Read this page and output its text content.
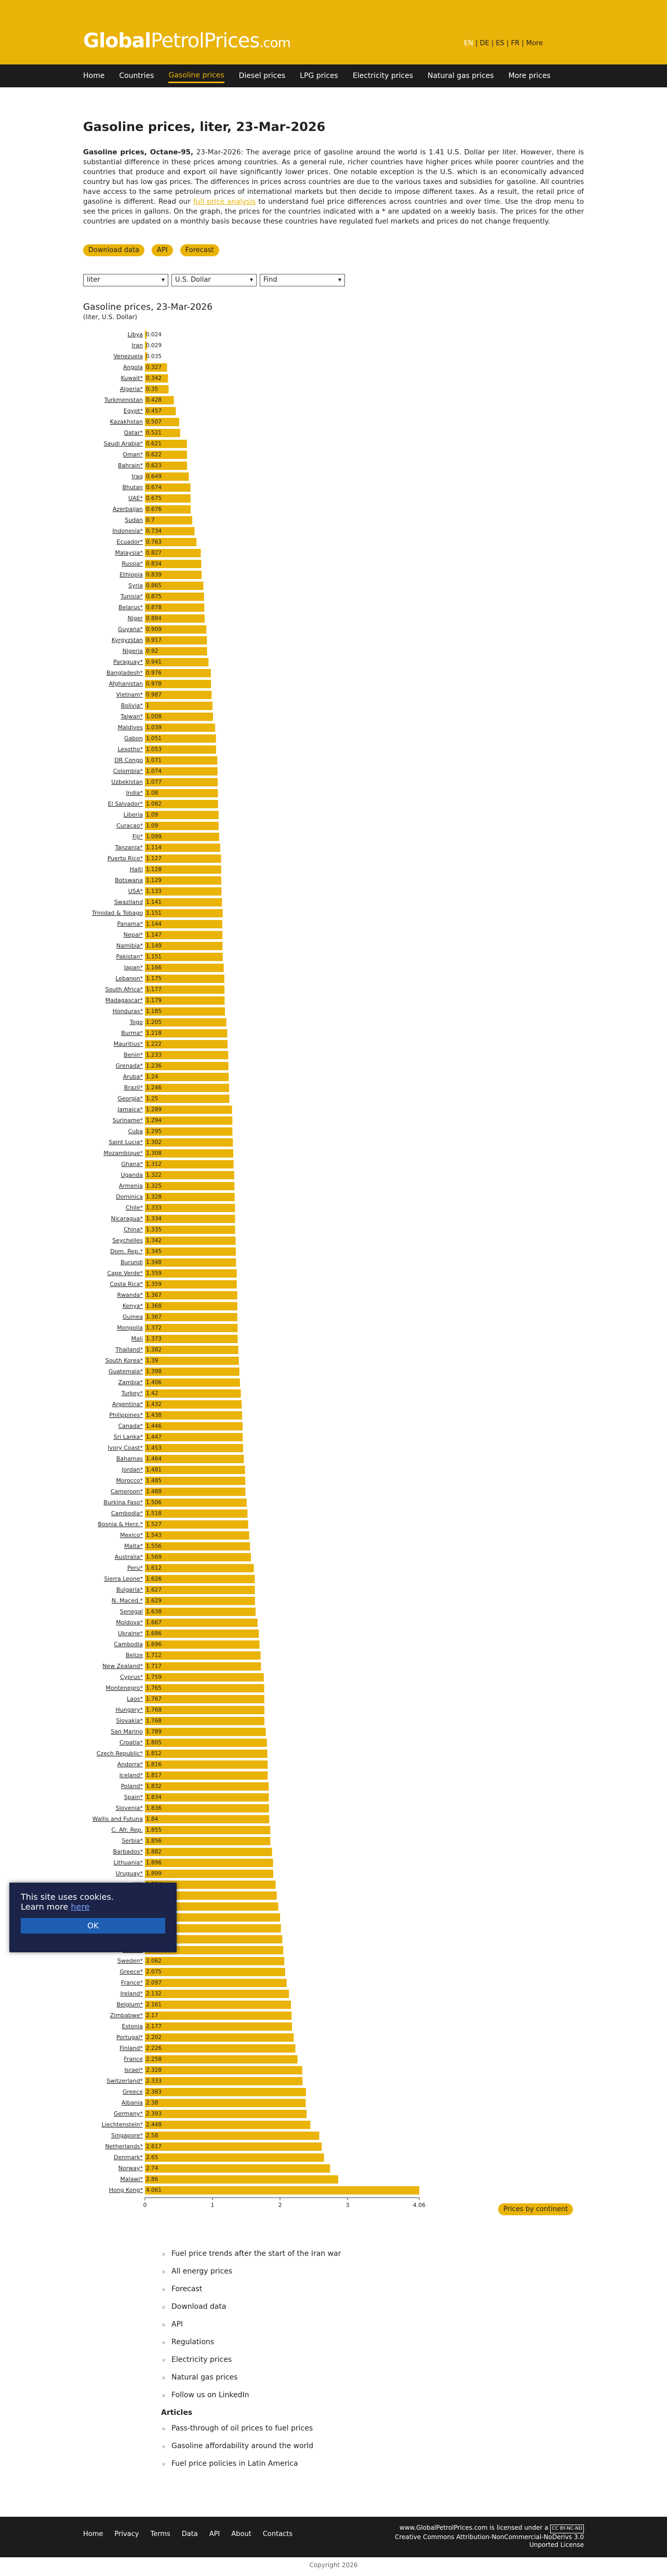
GlobalPetrolPrices.com	EN | DE | ES | FR | More
Home Countries Gasoline prices Diesel prices LPG prices Electricity prices Natural gas prices More prices
Gasoline prices, liter, 23-Mar-2026

Gasoline prices, Octane-95, 23-Mar-2026: The average price of gasoline around the world is 1.41 U.S. Dollar per liter. However, there is substantial difference in these prices among countries. As a general rule, richer countries have higher prices while poorer countries and the countries that produce and export oil have significantly lower prices. One notable exception is the U.S. which is an economically advanced country but has low gas prices. The differences in prices across countries are due to the various taxes and subsidies for gasoline. All countries have access to the same petroleum prices of international markets but then decide to impose different taxes. As a result, the retail price of gasoline is different. Read our full price analysis to understand fuel price differences across countries and over time. Use the drop menu to see the prices in gallons. On the graph, the prices for the countries indicated with a * are updated on a weekly basis. The prices for the other countries are updated on a monthly basis because these countries have regulated fuel markets and prices do not change frequently.

Download data	API	Forecast
liter ▾	U.S. Dollar ▾	Find ▾
Gasoline prices, 23-Mar-2026
(liter, U.S. Dollar)
Libya 0.024
Iran 0.029
Venezuela 0.035
Angola 0.327
Kuwait* 0.342
Algeria* 0.35
Turkmenistan 0.428
Egypt* 0.457
Kazakhstan 0.507
Qatar* 0.521
Saudi Arabia* 0.621
Oman* 0.622
Bahrain* 0.623
Iraq 0.649
Bhutan 0.674
UAE* 0.675
Azerbaijan 0.676
Sudan 0.7
Indonesia* 0.734
Ecuador* 0.763
Malaysia* 0.827
Russia* 0.834
Ethiopia 0.839
Syria 0.865
Tunisia* 0.875
Belarus* 0.878
Niger 0.884
Guyana* 0.909
Kyrgyzstan 0.917
Nigeria 0.92
Paraguay* 0.941
Bangladesh* 0.976
Afghanistan 0.978
Vietnam* 0.987
Bolivia* 1
Taiwan* 1.008
Maldives 1.039
Gabon 1.051
Lesotho* 1.053
DR Congo 1.071
Colombia* 1.074
Uzbekistan 1.077
India* 1.08
El Salvador* 1.082
Liberia 1.09
Curacao* 1.09
Fiji* 1.099
Tanzania* 1.114
Puerto Rico* 1.127
Haiti 1.128
Botswana 1.129
USA* 1.133
Swaziland 1.141
Trinidad & Tobago 1.151
Panama* 1.144
Nepal* 1.147
Namibia* 1.149
Pakistan* 1.151
Japan* 1.166
Lebanon* 1.175
South Africa* 1.177
Madagascar* 1.179
Honduras* 1.185
Togo 1.205
Burma* 1.218
Mauritius* 1.222
Benin* 1.233
Grenada* 1.236
Aruba* 1.24
Brazil* 1.246
Georgia* 1.25
Jamaica* 1.289
Suriname* 1.294
Cuba 1.295
Saint Lucia* 1.302
Mozambique* 1.308
Ghana* 1.312
Uganda 1.322
Armenia 1.325
Dominica 1.328
Chile* 1.333
Nicaragua* 1.334
China* 1.335
Seychelles 1.342
Dom. Rep.* 1.345
Burundi 1.348
Cape Verde* 1.359
Costa Rica* 1.359
Rwanda* 1.367
Kenya* 1.368
Guinea 1.367
Mongolia 1.372
Mali 1.373
Thailand* 1.382
South Korea* 1.39
Guatemala* 1.398
Zambia* 1.406
Turkey* 1.42
Argentina* 1.432
Philippines* 1.438
Canada* 1.446
Sri Lanka* 1.447
Ivory Coast* 1.453
Bahamas 1.464
Jordan* 1.481
Morocco* 1.485
Cameroon* 1.488
Burkina Faso* 1.506
Cambodia* 1.518
Bosnia & Herz.* 1.527
Mexico* 1.543
Malta* 1.556
Australia* 1.569
Peru* 1.612
Sierra Leone* 1.626
Bulgaria* 1.627
N. Maced.* 1.629
Senegal 1.638
Moldova* 1.667
Ukraine* 1.686
Cambodia 1.696
Belize 1.712
New Zealand* 1.717
Cyprus* 1.759
Montenegro* 1.765
Laos* 1.767
Hungary* 1.768
Slovakia* 1.768
San Marino 1.789
Croatia* 1.805
Czech Republic* 1.812
Andorra* 1.816
Iceland* 1.817
Poland* 1.832
Spain* 1.834
Slovenia* 1.836
Wallis and Futuna 1.84
C. Afr. Rep. 1.855
Serbia* 1.856
Barbados* 1.882
Lithuania* 1.896
Uruguay* 1.899
Sweden* 2.062
Greece* 2.075
France* 2.097
Ireland* 2.132
Belgium* 2.161
Zimbabwe* 2.17
Estonia 2.177
Portugal* 2.202
Finland* 2.226
France 2.258
Israel* 2.328
Switzerland* 2.333
Greece 2.383
Albania 2.38
Germany* 2.393
Liechtenstein* 2.448
Singapore* 2.58
Netherlands* 2.617
Denmark* 2.65
Norway* 2.74
Malawi* 2.86
Hong Kong* 4.061
0	1	2	3	4.06
Prices by continent
Fuel price trends after the start of the Iran war
All energy prices
Forecast
Download data
API
Regulations
Electricity prices
Natural gas prices
Follow us on LinkedIn
Articles
Pass-through of oil prices to fuel prices
Gasoline affordability around the world
Fuel price policies in Latin America
Home Privacy Terms Data API About Contacts
www.GlobalPetrolPrices.com is licensed under a CC BY-NC-ND
Creative Commons Attribution-NonCommercial-NoDerivs 3.0
Unported License
Copyright 2026
This site uses cookies.
Learn more here
OK
